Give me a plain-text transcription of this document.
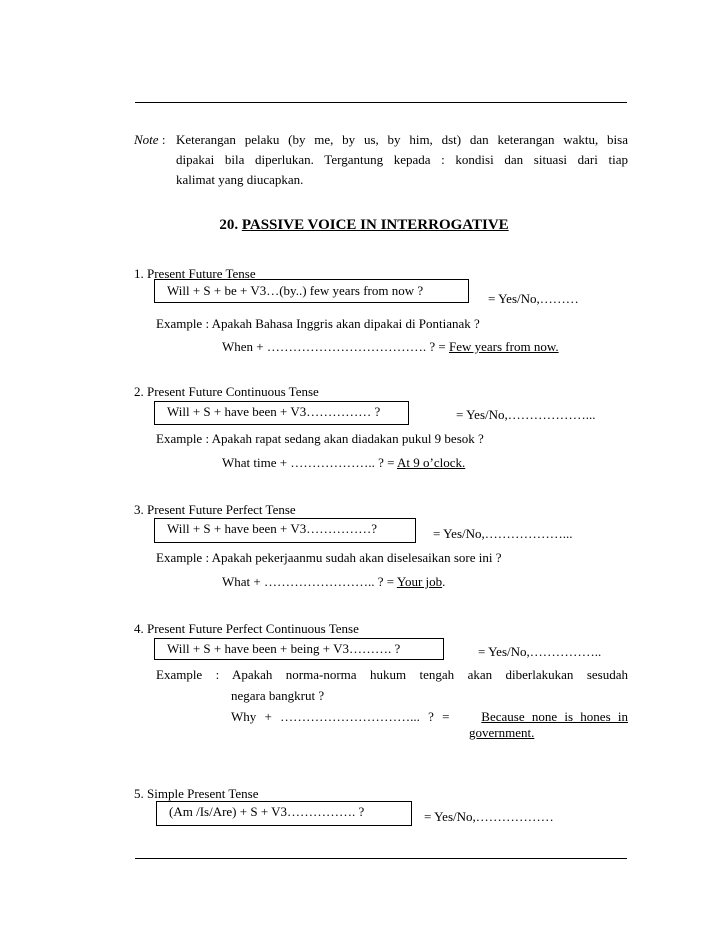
Note : Keterangan pelaku (by me, by us, by him, dst) dan keterangan waktu, bisa
dipakai bila diperlukan. Tergantung kepada : kondisi dan situasi dari tiap
kalimat yang diucapkan.
20. PASSIVE VOICE IN INTERROGATIVE
1. Present Future Tense
Will + S + be + V3…(by..) few years from now ?
= Yes/No,………
Example : Apakah Bahasa Inggris akan dipakai di Pontianak ?
When + ………………………………. ? = Few years from now.
2. Present Future Continuous Tense
Will + S + have been + V3…………… ?	= Yes/No,………………...
Example : Apakah rapat sedang akan diadakan pukul 9 besok ?
What time + ……………….. ? = At 9 o’clock.
3. Present Future Perfect Tense
Will + S + have been + V3……………?	= Yes/No,………………...
Example : Apakah pekerjaanmu sudah akan diselesaikan sore ini ?
What + …………………….. ? = Your job.
4. Present Future Perfect Continuous Tense
Will + S + have been + being + V3………. ?	= Yes/No,……………..
Example : Apakah norma-norma hukum tengah akan diberlakukan sesudah
negara bangkrut ?
Why + …………………………... ? = Because none is hones in
government.
5. Simple Present Tense
(Am /Is/Are) + S + V3……………. ?	= Yes/No,………………
